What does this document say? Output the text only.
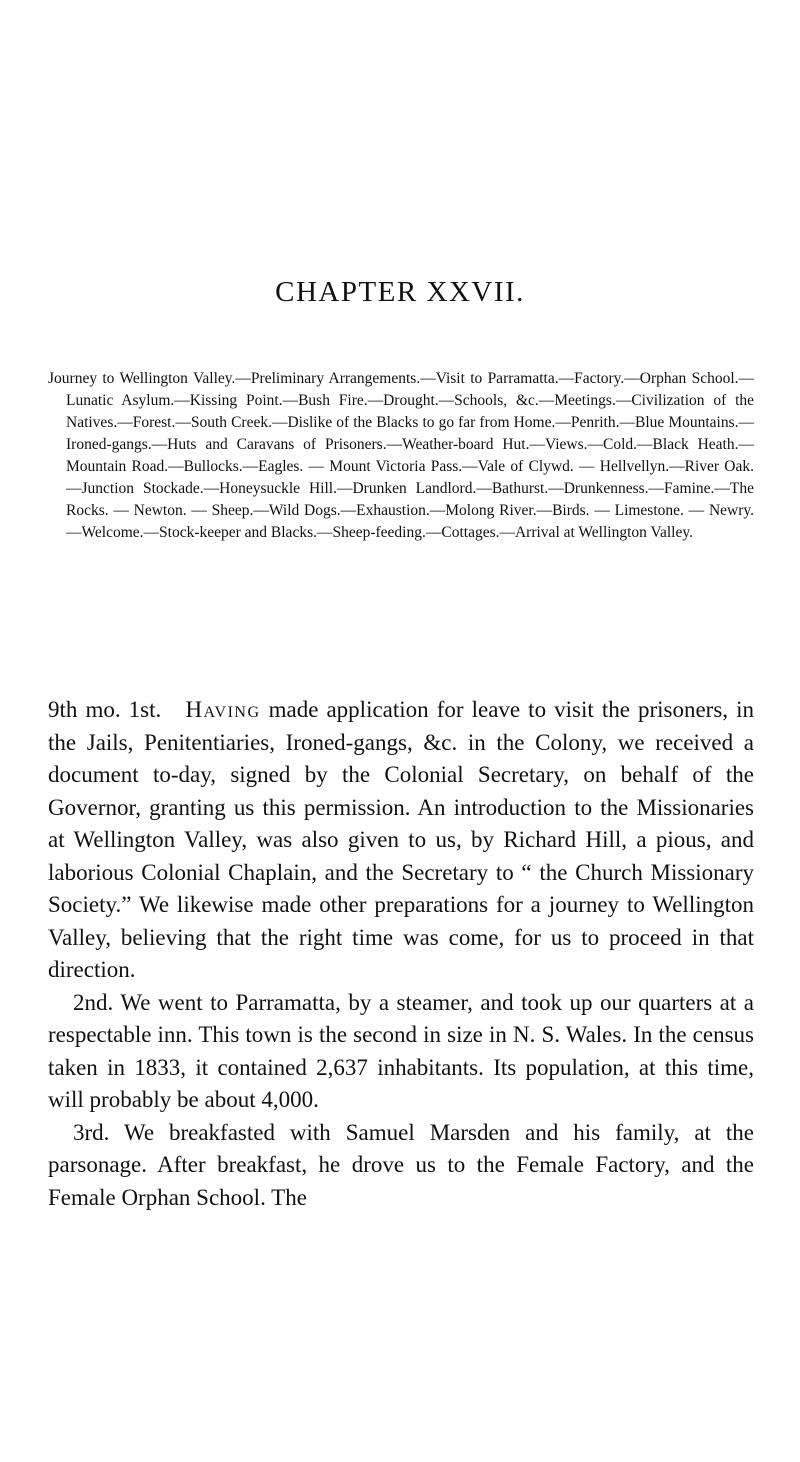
CHAPTER XXVII.

Journey to Wellington Valley.—Preliminary Arrangements.—Visit to Parramatta.—Factory.—Orphan School.—Lunatic Asylum.—Kissing Point.—Bush Fire.—Drought.—Schools, &c.—Meetings.—Civilization of the Natives.—Forest.—South Creek.—Dislike of the Blacks to go far from Home.—Penrith.—Blue Mountains.—Ironed-gangs.—Huts and Caravans of Prisoners.—Weather-board Hut.—Views.—Cold.—Black Heath.—Mountain Road.—Bullocks.—Eagles. — Mount Victoria Pass.—Vale of Clywd. — Hellvellyn.—River Oak.—Junction Stockade.—Honeysuckle Hill.—Drunken Landlord.—Bathurst.—Drunkenness.—Famine.—The Rocks. — Newton. — Sheep.—Wild Dogs.—Exhaustion.—Molong River.—Birds. — Limestone. — Newry.—Welcome.—Stock-keeper and Blacks.—Sheep-feeding.—Cottages.—Arrival at Wellington Valley.

9th mo. 1st. Having made application for leave to visit the prisoners, in the Jails, Penitentiaries, Ironed-gangs, &c. in the Colony, we received a document to-day, signed by the Colonial Secretary, on behalf of the Governor, granting us this permission. An introduction to the Missionaries at Wellington Valley, was also given to us, by Richard Hill, a pious, and laborious Colonial Chaplain, and the Secretary to “ the Church Missionary Society.” We likewise made other preparations for a journey to Wellington Valley, believing that the right time was come, for us to proceed in that direction.

2nd. We went to Parramatta, by a steamer, and took up our quarters at a respectable inn. This town is the second in size in N. S. Wales. In the census taken in 1833, it contained 2,637 inhabitants. Its population, at this time, will probably be about 4,000.

3rd. We breakfasted with Samuel Marsden and his family, at the parsonage. After breakfast, he drove us to the Female Factory, and the Female Orphan School. The
